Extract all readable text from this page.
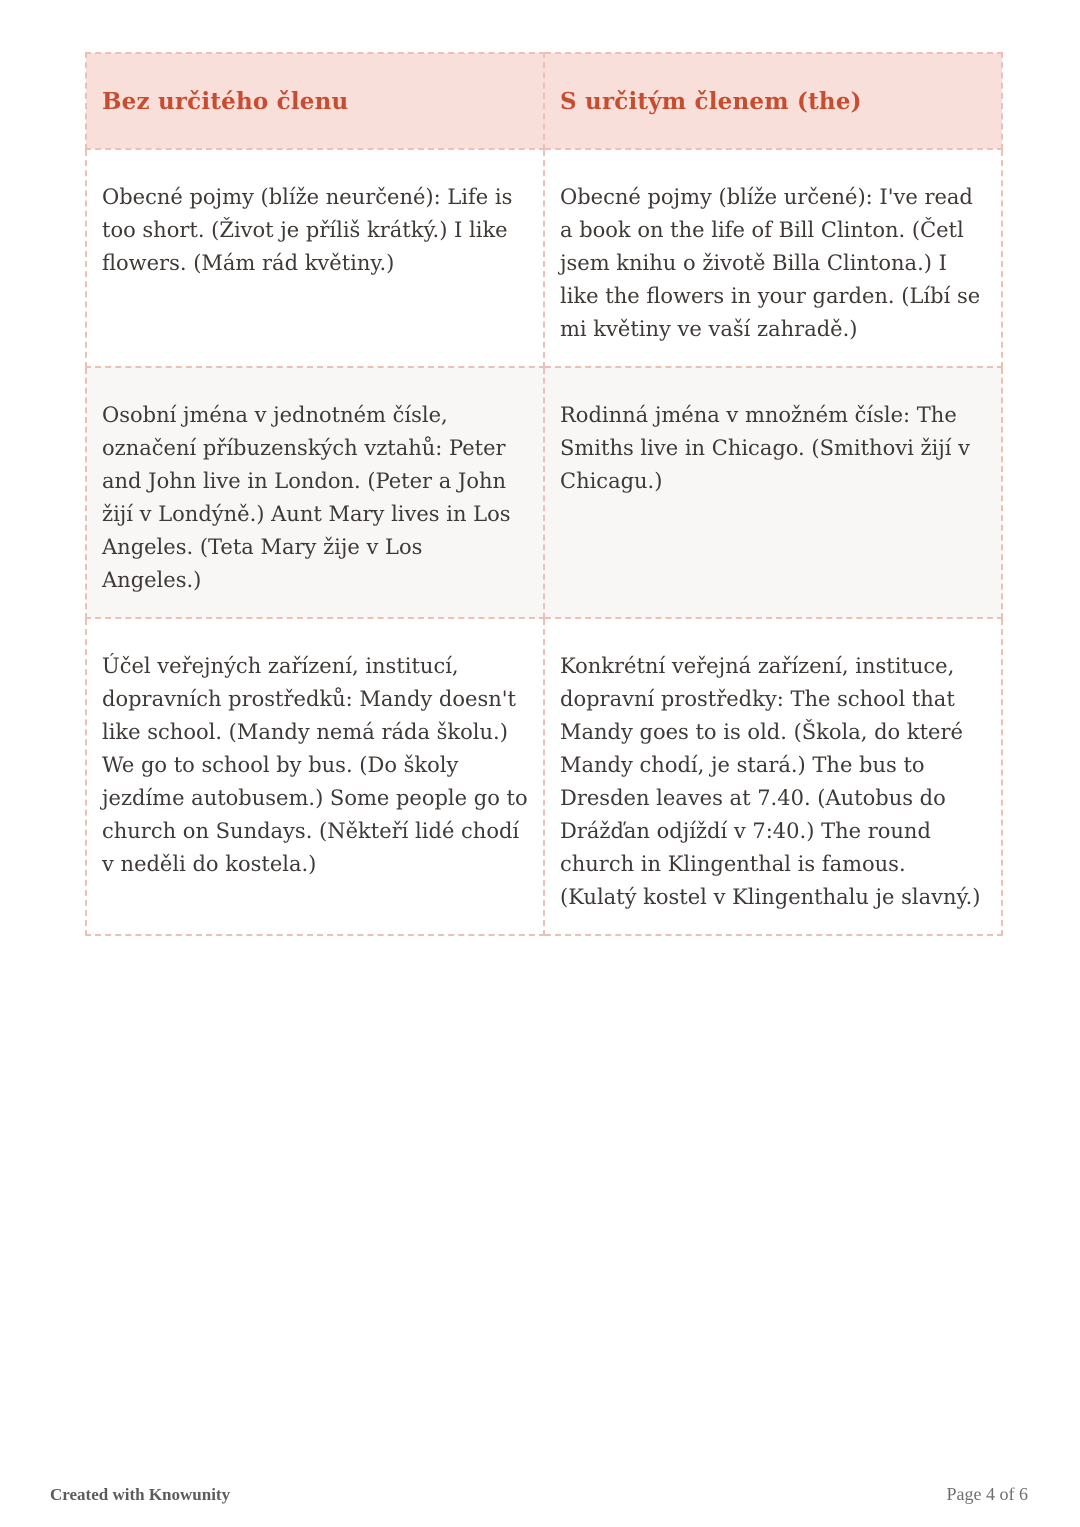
Bez určitého členu	S určitým členem (the)
Obecné pojmy (blíže neurčené): Life is too short. (Život je příliš krátký.) I like flowers. (Mám rád květiny.)	Obecné pojmy (blíže určené): I've read a book on the life of Bill Clinton. (Četl jsem knihu o životě Billa Clintona.) I like the flowers in your garden. (Líbí se mi květiny ve vaší zahradě.)
Osobní jména v jednotném čísle, označení příbuzenských vztahů: Peter and John live in London. (Peter a John žijí v Londýně.) Aunt Mary lives in Los Angeles. (Teta Mary žije v Los Angeles.)	Rodinná jména v množném čísle: The Smiths live in Chicago. (Smithovi žijí v Chicagu.)
Účel veřejných zařízení, institucí, dopravních prostředků: Mandy doesn't like school. (Mandy nemá ráda školu.) We go to school by bus. (Do školy jezdíme autobusem.) Some people go to church on Sundays. (Někteří lidé chodí v neděli do kostela.)	Konkrétní veřejná zařízení, instituce, dopravní prostředky: The school that Mandy goes to is old. (Škola, do které Mandy chodí, je stará.) The bus to Dresden leaves at 7.40. (Autobus do Drážďan odjíždí v 7:40.) The round church in Klingenthal is famous. (Kulatý kostel v Klingenthalu je slavný.)
Created with Knowunity	Page 4 of 6
